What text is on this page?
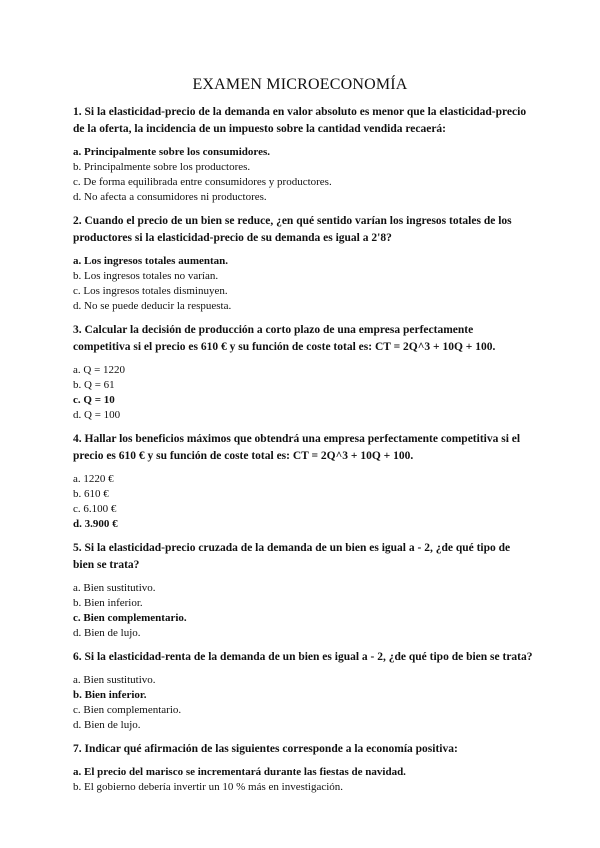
EXAMEN MICROECONOMÍA
1. Si la elasticidad-precio de la demanda en valor absoluto es menor que la elasticidad-precio de la oferta, la incidencia de un impuesto sobre la cantidad vendida recaerá:
a. Principalmente sobre los consumidores.
b. Principalmente sobre los productores.
c. De forma equilibrada entre consumidores y productores.
d. No afecta a consumidores ni productores.
2. Cuando el precio de un bien se reduce, ¿en qué sentido varían los ingresos totales de los productores si la elasticidad-precio de su demanda es igual a 2'8?
a. Los ingresos totales aumentan.
b. Los ingresos totales no varían.
c. Los ingresos totales disminuyen.
d. No se puede deducir la respuesta.
3. Calcular la decisión de producción a corto plazo de una empresa perfectamente competitiva si el precio es 610 € y su función de coste total es: CT = 2Q^3 + 10Q + 100.
a. Q = 1220
b. Q = 61
c. Q = 10
d. Q = 100
4. Hallar los beneficios máximos que obtendrá una empresa perfectamente competitiva si el precio es 610 € y su función de coste total es: CT = 2Q^3 + 10Q + 100.
a. 1220 €
b. 610 €
c. 6.100 €
d. 3.900 €
5. Si la elasticidad-precio cruzada de la demanda de un bien es igual a - 2, ¿de qué tipo de bien se trata?
a. Bien sustitutivo.
b. Bien inferior.
c. Bien complementario.
d. Bien de lujo.
6. Si la elasticidad-renta de la demanda de un bien es igual a - 2, ¿de qué tipo de bien se trata?
a. Bien sustitutivo.
b. Bien inferior.
c. Bien complementario.
d. Bien de lujo.
7. Indicar qué afirmación de las siguientes corresponde a la economía positiva:
a. El precio del marisco se incrementará durante las fiestas de navidad.
b. El gobierno debería invertir un 10 % más en investigación.
